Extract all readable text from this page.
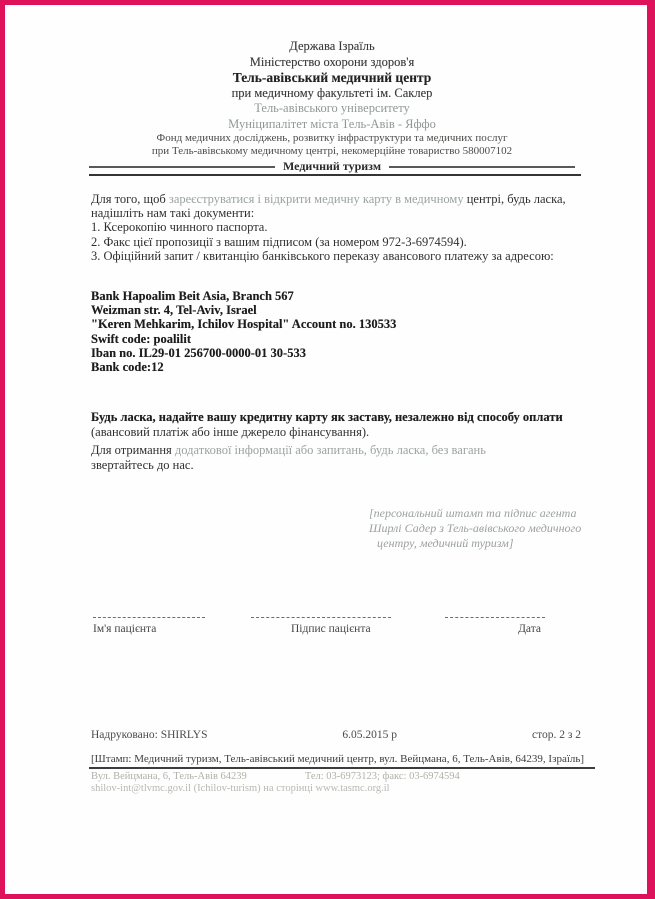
Держава Ізраїль
Міністерство охорони здоров'я
Тель-авівський медичний центр
при медичному факультеті ім. Саклер
Тель-авівського університету
Муніципалітет міста Тель-Авів - Яффо
Фонд медичних досліджень, розвитку інфраструктури та медичних послуг
при Тель-авівському медичному центрі, некомерційне товариство 580007102
Медичний туризм
Для того, щоб зареєструватися і відкрити медичну карту в медичному центрі, будь ласка,
надішліть нам такі документи:
1. Ксерокопію чинного паспорта.
2. Факс цієї пропозиції з вашим підписом (за номером 972-3-6974594).
3. Офіційний запит / квитанцію банківського переказу авансового платежу за адресою:
Bank Hapoalim Beit Asia, Branch 567
Weizman str. 4, Tel-Aviv, Israel
"Keren Mehkarim, Ichilov Hospital" Account no. 130533
Swift code: poalilit
Iban no. IL29-01 256700-0000-01 30-533
Bank code:12
Будь ласка, надайте вашу кредитну карту як заставу, незалежно від способу оплати
(авансовий платіж або інше джерело фінансування).
Для отримання додаткової інформації або запитань, будь ласка, без вагань
звертайтесь до нас.
[персональний штамп та підпис агента
Ширлі Садер з Тель-авівського медичного
центру, медичний туризм]
Ім'я пацієнта	Підпис пацієнта	Дата
Надруковано: SHIRLYS	6.05.2015 р	стор. 2 з 2
[Штамп: Медичний туризм, Тель-авівський медичний центр, вул. Вейцмана, 6, Тель-Авів, 64239, Ізраїль]
Вул. Вейцмана, 6, Тель-Авів 64239	Тел: 03-6973123; факс: 03-6974594
shilov-int@tlvmc.gov.il (Ichilov-turism) на сторінці www.tasmc.org.il
